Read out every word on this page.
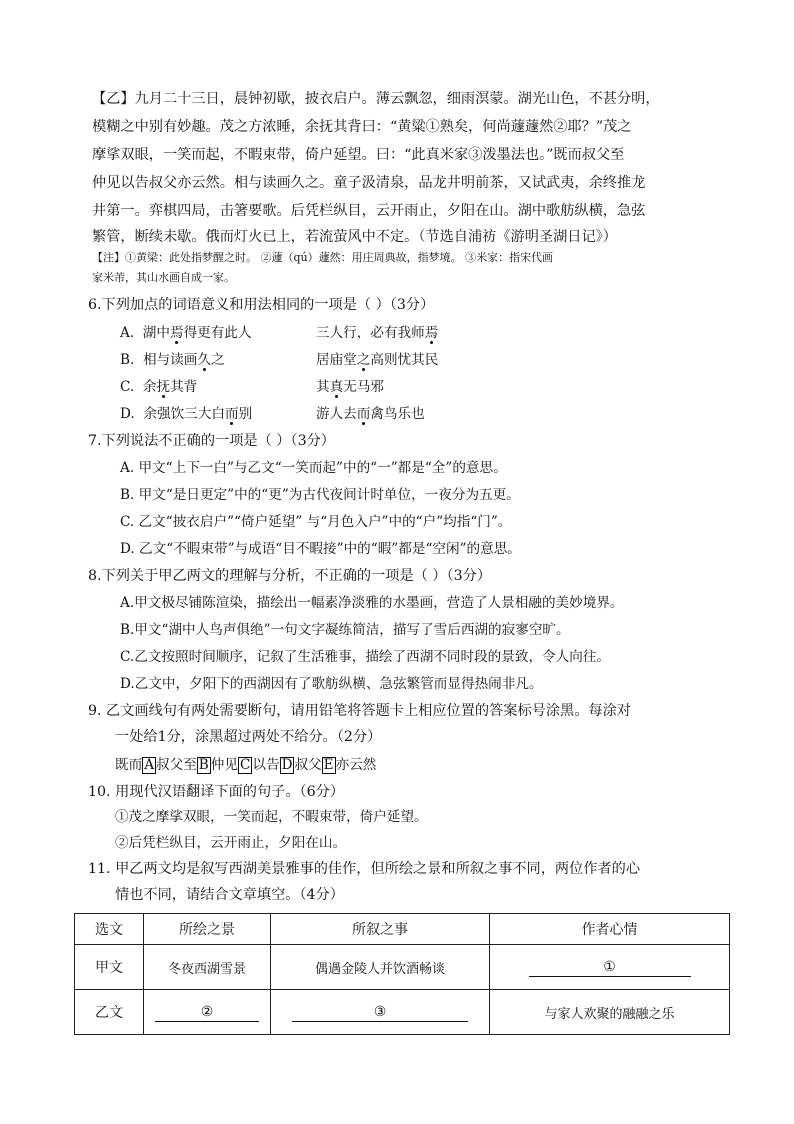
【乙】九月二十三日，晨钟初歇，披衣启户。薄云飘忽，细雨溟蒙。湖光山色，不甚分明，
模糊之中别有妙趣。茂之方浓睡，余抚其背曰：“黄粱①熟矣，何尚蘧蘧然②耶？”茂之
摩挲双眼，一笑而起，不暇束带，倚户延望。曰：“此真米家③泼墨法也。”既而叔父至
仲见以告叔父亦云然。相与读画久之。童子汲清泉，品龙井明前茶，又试武夷，余终推龙
井第一。弈棋四局，击箸要歌。后凭栏纵目，云开雨止，夕阳在山。湖中歌舫纵横，急弦
繁管，断续未歇。俄而灯火已上，若流萤风中不定。（节选自浦祊《游明圣湖日记》）
【注】①黄梁：此处指梦醒之时。 ②蘧（qú）蘧然：用庄周典故，指梦境。 ③米家：指宋代画
家米芾，其山水画自成一家。
6.下列加点的词语意义和用法相同的一项是（ ）（3分）
A. 湖中焉得更有此人	三人行，必有我师焉
B. 相与读画久之	居庙堂之高则忧其民
C. 余抚其背	其真无马邪
D. 余强饮三大白而别	游人去而禽鸟乐也
7.下列说法不正确的一项是（ ）（3分）
A. 甲文“上下一白”与乙文“一笑而起”中的“一”都是“全”的意思。
B. 甲文“是日更定”中的“更”为古代夜间计时单位，一夜分为五更。
C. 乙文“披衣启户”“倚户延望” 与“月色入户”中的“户”均指“门”。
D. 乙文“不暇束带”与成语“目不暇接”中的“暇”都是“空闲”的意思。
8.下列关于甲乙两文的理解与分析，不正确的一项是（ ）（3分）
A.甲文极尽铺陈渲染，描绘出一幅素净淡雅的水墨画，营造了人景相融的美妙境界。
B.甲文“湖中人鸟声俱绝”一句文字凝练简洁，描写了雪后西湖的寂寥空旷。
C.乙文按照时间顺序，记叙了生活雅事，描绘了西湖不同时段的景致，令人向往。
D.乙文中，夕阳下的西湖因有了歌舫纵横、急弦繁管而显得热闹非凡。
9. 乙文画线句有两处需要断句，请用铅笔将答题卡上相应位置的答案标号涂黑。每涂对
一处给1分，涂黑超过两处不给分。（2分）
既而 A 叔父至 B 仲见 C 以告 D 叔父 E 亦云然
10. 用现代汉语翻译下面的句子。（6分）
①茂之摩挲双眼，一笑而起，不暇束带，倚户延望。
②后凭栏纵目，云开雨止，夕阳在山。
11. 甲乙两文均是叙写西湖美景雅事的佳作，但所绘之景和所叙之事不同，两位作者的心
情也不同，请结合文章填空。（4分）
选文	所绘之景	所叙之事	作者心情
甲文	冬夜西湖雪景	偶遇金陵人并饮酒畅谈	①
乙文	②	③	与家人欢聚的融融之乐
